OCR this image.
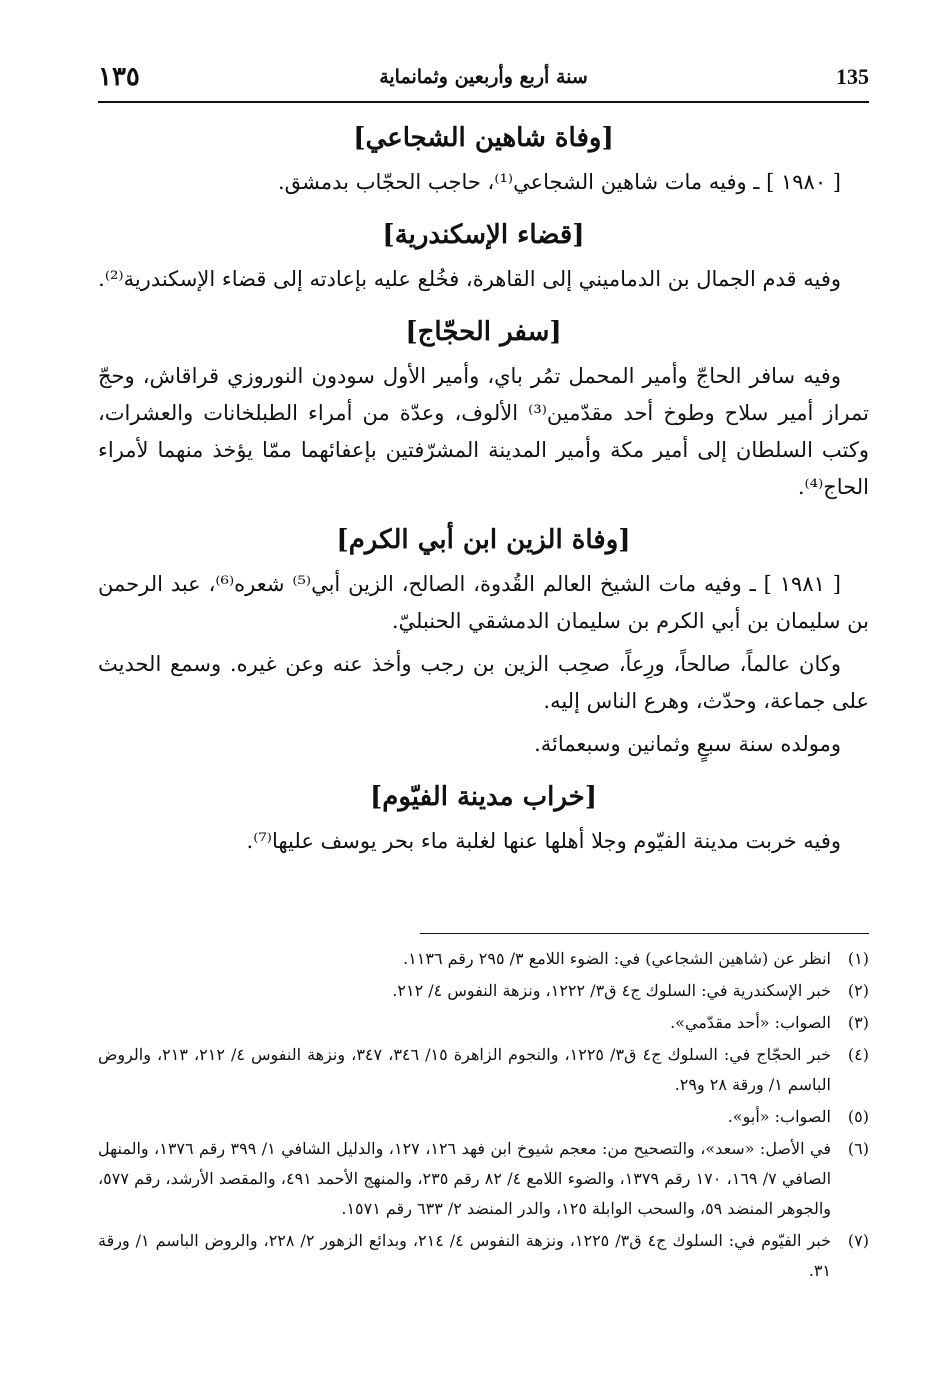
١٣٥	سنة أربع وأربعين وثمانماية	135
[وفاة شاهين الشجاعي]

[ ١٩٨٠ ] ـ وفيه مات شاهين الشجاعي⁽¹⁾، حاجب الحجّاب بدمشق.

[قضاء الإسكندرية]

وفيه قدم الجمال بن الدماميني إلى القاهرة، فخُلع عليه بإعادته إلى قضاء الإسكندرية⁽²⁾.

[سفر الحجّاج]

وفيه سافر الحاجّ وأمير المحمل تمُر باي، وأمير الأول سودون النوروزي قراقاش، وحجّ تمراز أمير سلاح وطوخ أحد مقدّمين⁽³⁾ الألوف، وعدّة من أمراء الطبلخانات والعشرات، وكتب السلطان إلى أمير مكة وأمير المدينة المشرّفتين بإعفائهما ممّا يؤخذ منهما لأمراء الحاج⁽⁴⁾.

[وفاة الزين ابن أبي الكرم]

[ ١٩٨١ ] ـ وفيه مات الشيخ العالم القُدوة، الصالح، الزين أبي⁽⁵⁾ شعره⁽⁶⁾، عبد الرحمن بن سليمان بن أبي الكرم بن سليمان الدمشقي الحنبليّ.

وكان عالماً، صالحاً، ورِعاً، صحِب الزين بن رجب وأخذ عنه وعن غيره. وسمع الحديث على جماعة، وحدّث، وهرع الناس إليه.

ومولده سنة سبعٍ وثمانين وسبعمائة.

[خراب مدينة الفيّوم]

وفيه خربت مدينة الفيّوم وجلا أهلها عنها لغلبة ماء بحر يوسف عليها⁽⁷⁾.

(١)
انظر عن (شاهين الشجاعي) في: الضوء اللامع ٣/ ٢٩٥ رقم ١١٣٦.
(٢)
خبر الإسكندرية في: السلوك ج٤ ق٣/ ١٢٢٢، ونزهة النفوس ٤/ ٢١٢.
(٣)
الصواب: «أحد مقدّمي».
(٤)
خبر الحجّاج في: السلوك ج٤ ق٣/ ١٢٢٥، والنجوم الزاهرة ١٥/ ٣٤٦، ٣٤٧، ونزهة النفوس ٤/ ٢١٢، ٢١٣، والروض الباسم ١/ ورقة ٢٨ و٢٩.
(٥)
الصواب: «أبو».
(٦)
في الأصل: «سعد»، والتصحيح من: معجم شيوخ ابن فهد ١٢٦، ١٢٧، والدليل الشافي ١/ ٣٩٩ رقم ١٣٧٦، والمنهل الصافي ٧/ ١٦٩، ١٧٠ رقم ١٣٧٩، والضوء اللامع ٤/ ٨٢ رقم ٢٣٥، والمنهج الأحمد ٤٩١، والمقصد الأرشد، رقم ٥٧٧، والجوهر المنضد ٥٩، والسحب الوابلة ١٢٥، والدر المنضد ٢/ ٦٣٣ رقم ١٥٧١.
(٧)
خبر الفيّوم في: السلوك ج٤ ق٣/ ١٢٢٥، ونزهة النفوس ٤/ ٢١٤، وبدائع الزهور ٢/ ٢٢٨، والروض الباسم ١/ ورقة ٣١.
